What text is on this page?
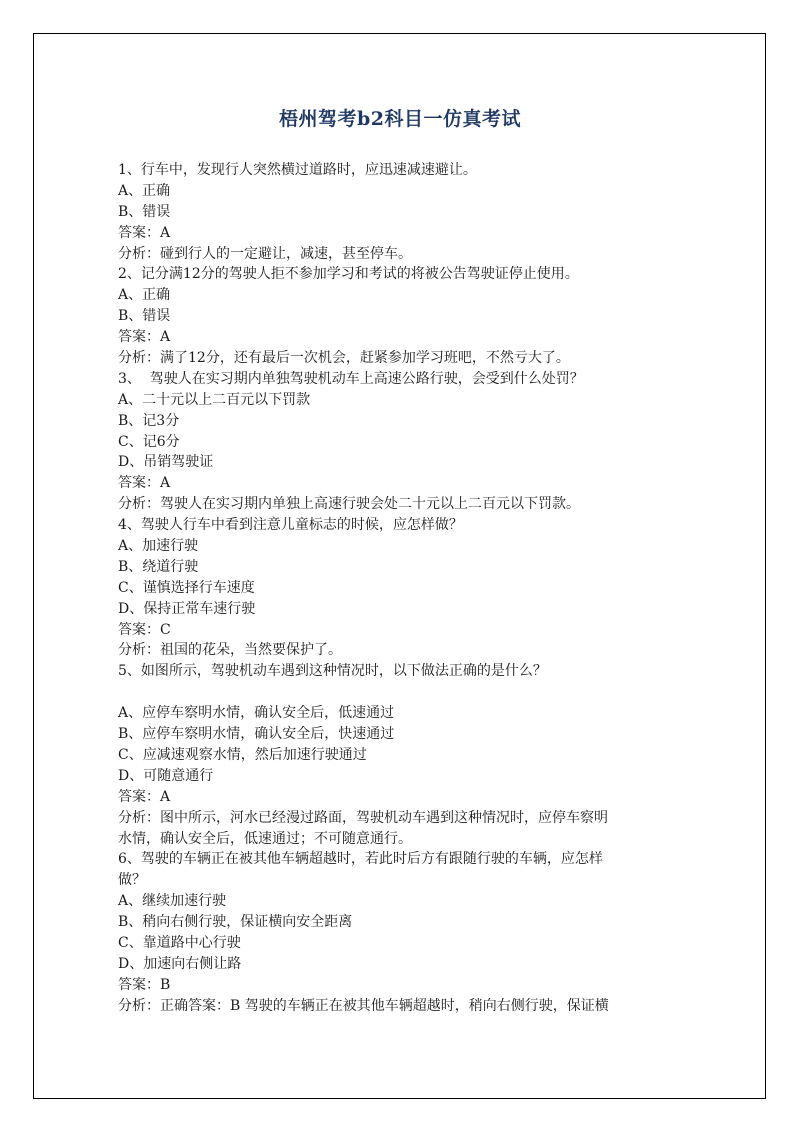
梧州驾考b2科目一仿真考试
1、行车中，发现行人突然横过道路时，应迅速减速避让。
A、正确
B、错误
答案：A
分析：碰到行人的一定避让，减速，甚至停车。
2、记分满12分的驾驶人拒不参加学习和考试的将被公告驾驶证停止使用。
A、正确
B、错误
答案：A
分析：满了12分，还有最后一次机会，赶紧参加学习班吧，不然亏大了。
3、  驾驶人在实习期内单独驾驶机动车上高速公路行驶，会受到什么处罚？
A、二十元以上二百元以下罚款
B、记3分
C、记6分
D、吊销驾驶证
答案：A
分析：驾驶人在实习期内单独上高速行驶会处二十元以上二百元以下罚款。
4、驾驶人行车中看到注意儿童标志的时候，应怎样做？
A、加速行驶
B、绕道行驶
C、谨慎选择行车速度
D、保持正常车速行驶
答案：C
分析：祖国的花朵，当然要保护了。
5、如图所示，驾驶机动车遇到这种情况时，以下做法正确的是什么？
A、应停车察明水情，确认安全后，低速通过
B、应停车察明水情，确认安全后，快速通过
C、应减速观察水情，然后加速行驶通过
D、可随意通行
答案：A
分析：图中所示，河水已经漫过路面，驾驶机动车遇到这种情况时，应停车察明
水情，确认安全后，低速通过；不可随意通行。
6、驾驶的车辆正在被其他车辆超越时，若此时后方有跟随行驶的车辆，应怎样
做？
A、继续加速行驶
B、稍向右侧行驶，保证横向安全距离
C、靠道路中心行驶
D、加速向右侧让路
答案：B
分析：正确答案：B 驾驶的车辆正在被其他车辆超越时，稍向右侧行驶，保证横
